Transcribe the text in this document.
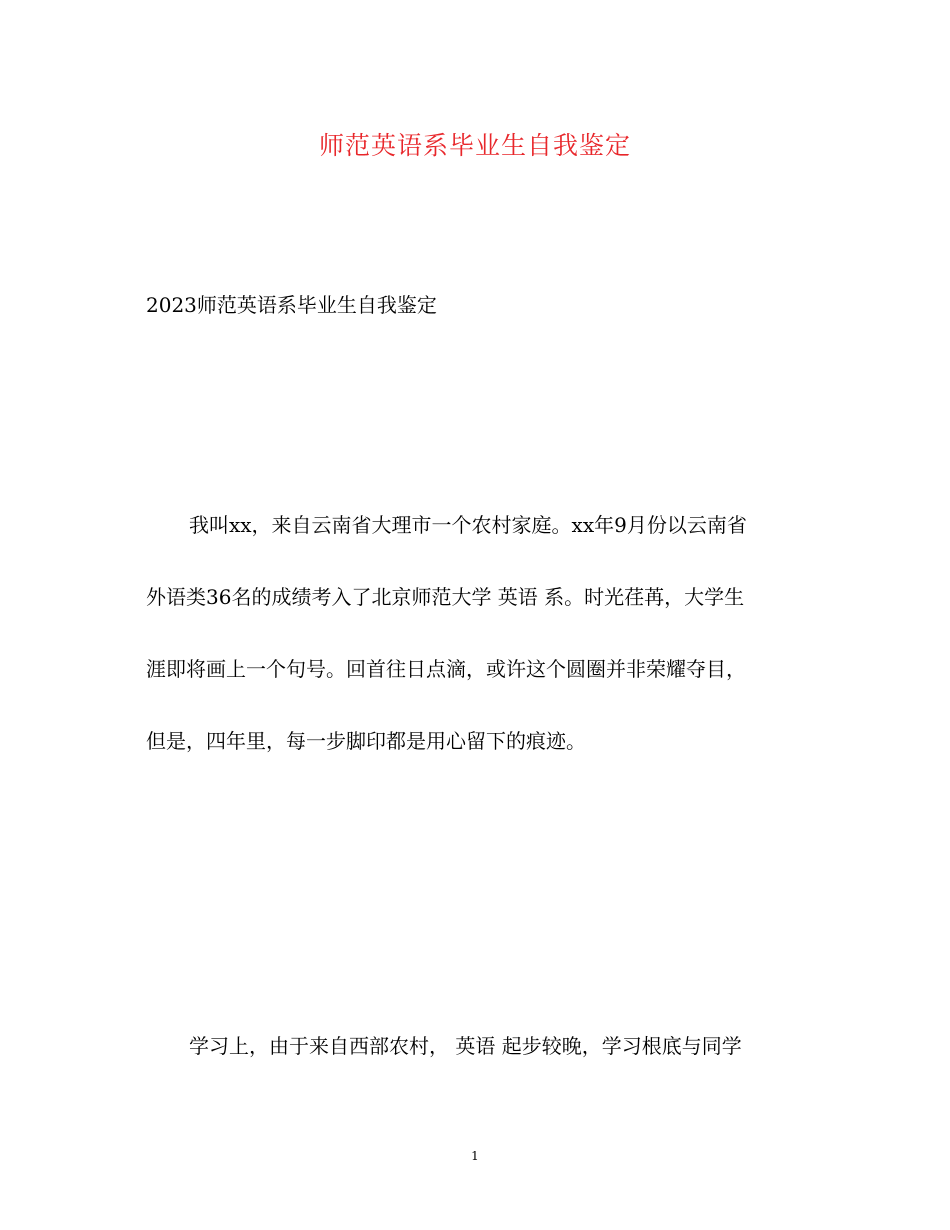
师范英语系毕业生自我鉴定
2023师范英语系毕业生自我鉴定
我叫xx，来自云南省大理市一个农村家庭。xx年9月份以云南省
外语类36名的成绩考入了北京师范大学 英语 系。时光荏苒，大学生
涯即将画上一个句号。回首往日点滴，或许这个圆圈并非荣耀夺目，
但是，四年里，每一步脚印都是用心留下的痕迹。
学习上，由于来自西部农村， 英语 起步较晚，学习根底与同学
1
